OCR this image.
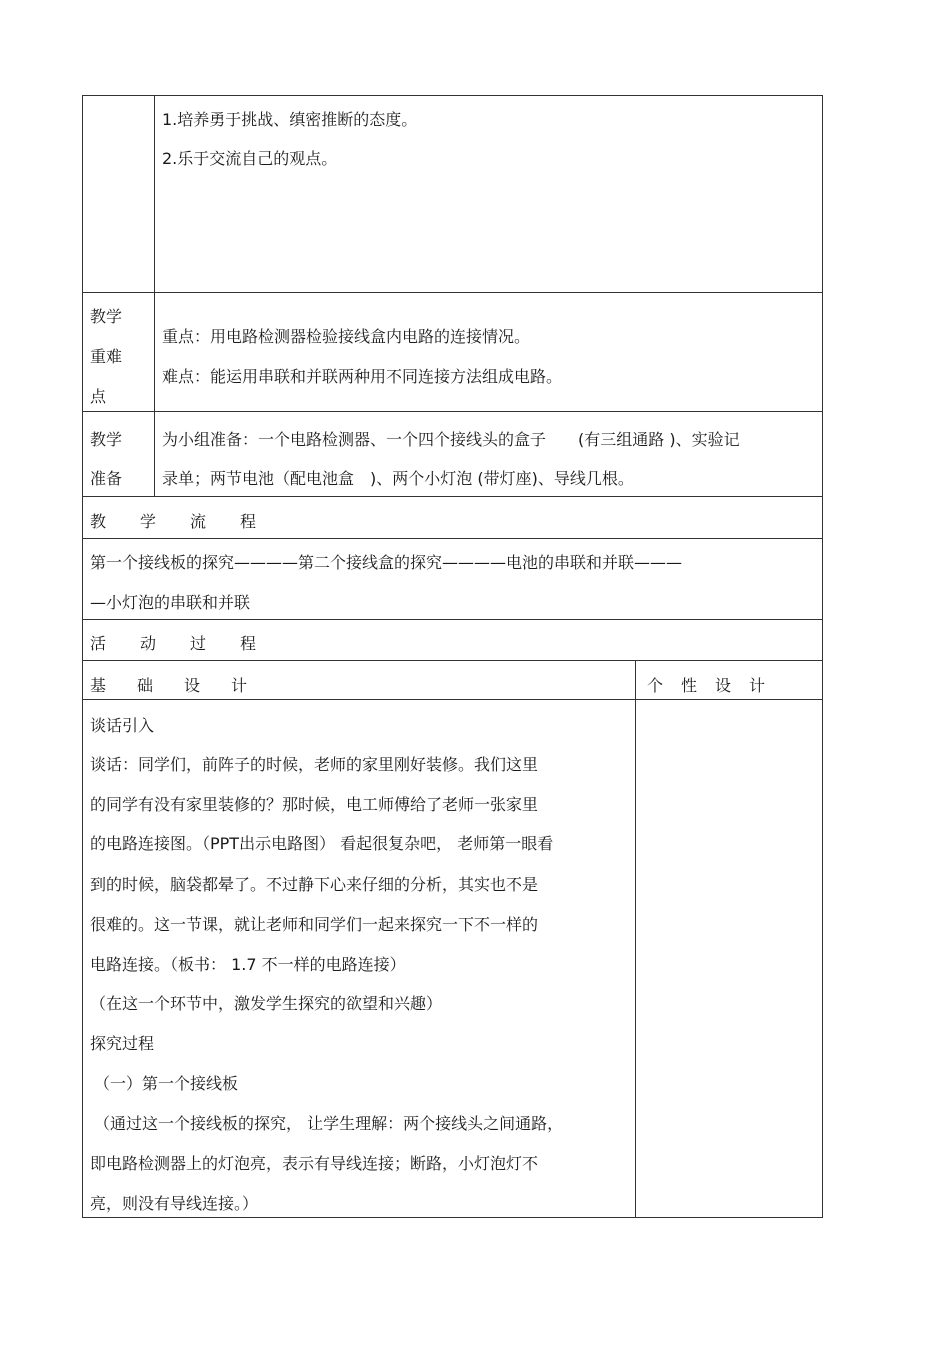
1.培养勇于挑战、缜密推断的态度。
2.乐于交流自己的观点。
教学
重难
点
重点：用电路检测器检验接线盒内电路的连接情况。
难点：能运用串联和并联两种用不同连接方法组成电路。
教学
准备
为小组准备：一个电路检测器、一个四个接线头的盒子　　(有三组通路 )、实验记
录单；两节电池（配电池盒　)、两个小灯泡 (带灯座)、导线几根。
教 学 流 程
第一个接线板的探究————第二个接线盒的探究————电池的串联和并联———
—小灯泡的串联和并联
活 动 过 程
基 础 设 计	个 性 设 计
谈话引入
谈话：同学们，前阵子的时候，老师的家里刚好装修。我们这里
的同学有没有家里装修的？那时候，电工师傅给了老师一张家里
的电路连接图。（PPT出示电路图） 看起很复杂吧， 老师第一眼看
到的时候，脑袋都晕了。不过静下心来仔细的分析，其实也不是
很难的。这一节课，就让老师和同学们一起来探究一下不一样的
电路连接。（板书： 1.7 不一样的电路连接）
（在这一个环节中，激发学生探究的欲望和兴趣）
探究过程
（一）第一个接线板
（通过这一个接线板的探究， 让学生理解：两个接线头之间通路，
即电路检测器上的灯泡亮，表示有导线连接；断路，小灯泡灯不
亮，则没有导线连接。）
